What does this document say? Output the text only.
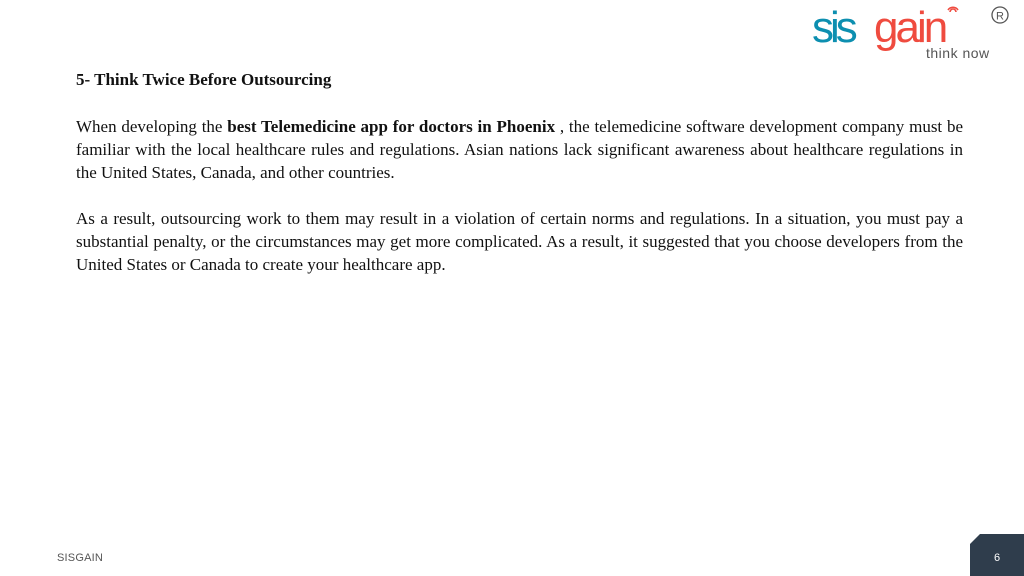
sis gain	R
think now
5- Think Twice Before Outsourcing

When developing the best Telemedicine app for doctors in Phoenix , the telemedicine software development company must be familiar with the local healthcare rules and regulations. Asian nations lack significant awareness about healthcare regulations in the United States, Canada, and other countries.

As a result, outsourcing work to them may result in a violation of certain norms and regulations. In a situation, you must pay a substantial penalty, or the circumstances may get more complicated. As a result, it suggested that you choose developers from the United States or Canada to create your healthcare app.

SISGAIN	6
